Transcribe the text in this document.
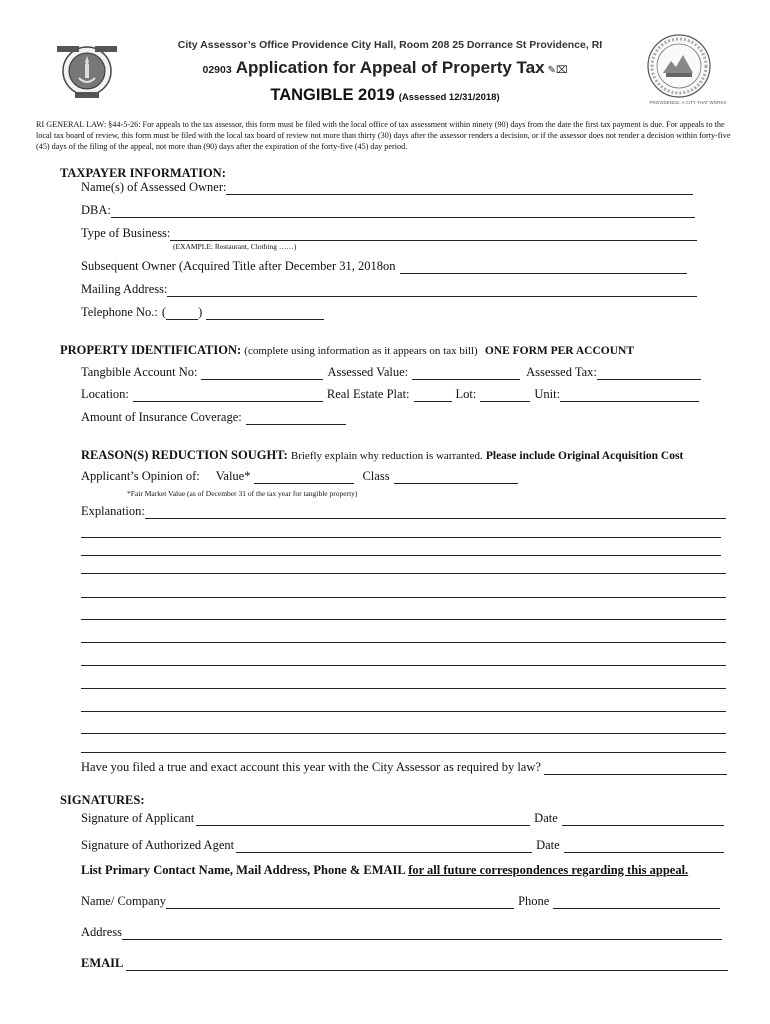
PROVIDENCE: A CITY THAT WORKS
City Assessor’s Office Providence City Hall, Room 208 25 Dorrance St Providence, RI
02903 Application for Appeal of Property Tax ✎⌧
TANGIBLE 2019 (Assessed 12/31/2018)
RI GENERAL LAW: §44-5-26: For appeals to the tax assessor, this form must be filed with the local office of tax assessment within ninety (90) days from the date the first tax payment is due. For appeals to the local tax board of review, this form must be filed with the local tax board of review not more than thirty (30) days after the assessor renders a decision, or if the assessor does not render a decision within forty-five (45) days of the filing of the appeal, not more than (90) days after the expiration of the forty-five (45) day period.
TAXPAYER INFORMATION:
Name(s) of Assessed Owner:
DBA:
Type of Business:
(EXAMPLE: Restaurant, Clothing ……)
Subsequent Owner (Acquired Title after December 31, 2018on
Mailing Address:
Telephone No.: (	)
PROPERTY IDENTIFICATION: (complete using information as it appears on tax bill) ONE FORM PER ACCOUNT
Tangbible Account No:	Assessed Value:	Assessed Tax:
Location:	Real Estate Plat:	Lot:	Unit:
Amount of Insurance Coverage:
REASON(S) REDUCTION SOUGHT: Briefly explain why reduction is warranted. Please include Original Acquisition Cost
Applicant’s Opinion of: Value*	Class
*Fair Market Value (as of December 31 of the tax year for tangible property)
Explanation:
Have you filed a true and exact account this year with the City Assessor as required by law?
SIGNATURES:
Signature of Applicant	Date
Signature of Authorized Agent	Date
List Primary Contact Name, Mail Address, Phone & EMAIL for all future correspondences regarding this appeal.
Name/ Company	Phone
Address
EMAIL
